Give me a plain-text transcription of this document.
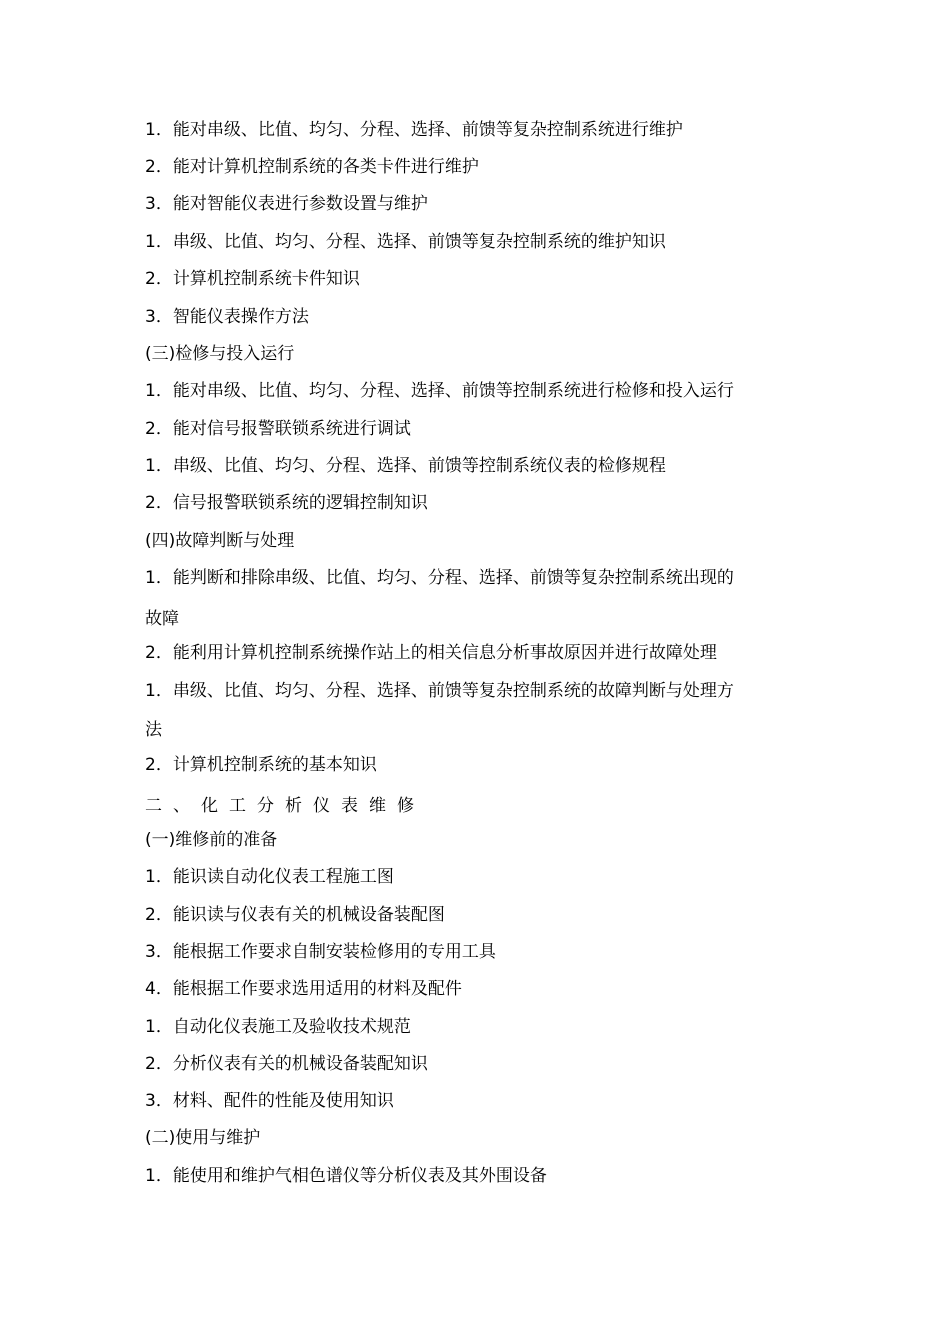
1．能对串级、比值、均匀、分程、选择、前馈等复杂控制系统进行维护
2．能对计算机控制系统的各类卡件进行维护
3．能对智能仪表进行参数设置与维护
1．串级、比值、均匀、分程、选择、前馈等复杂控制系统的维护知识
2．计算机控制系统卡件知识
3．智能仪表操作方法
(三)检修与投入运行
1．能对串级、比值、均匀、分程、选择、前馈等控制系统进行检修和投入运行
2．能对信号报警联锁系统进行调试
1．串级、比值、均匀、分程、选择、前馈等控制系统仪表的检修规程
2．信号报警联锁系统的逻辑控制知识
(四)故障判断与处理
1．能判断和排除串级、比值、均匀、分程、选择、前馈等复杂控制系统出现的
故障
2．能利用计算机控制系统操作站上的相关信息分析事故原因并进行故障处理
1．串级、比值、均匀、分程、选择、前馈等复杂控制系统的故障判断与处理方
法
2．计算机控制系统的基本知识
二、化工分析仪表维修
(一)维修前的准备
1．能识读自动化仪表工程施工图
2．能识读与仪表有关的机械设备装配图
3．能根据工作要求自制安装检修用的专用工具
4．能根据工作要求选用适用的材料及配件
1．自动化仪表施工及验收技术规范
2．分析仪表有关的机械设备装配知识
3．材料、配件的性能及使用知识
(二)使用与维护
1．能使用和维护气相色谱仪等分析仪表及其外围设备
